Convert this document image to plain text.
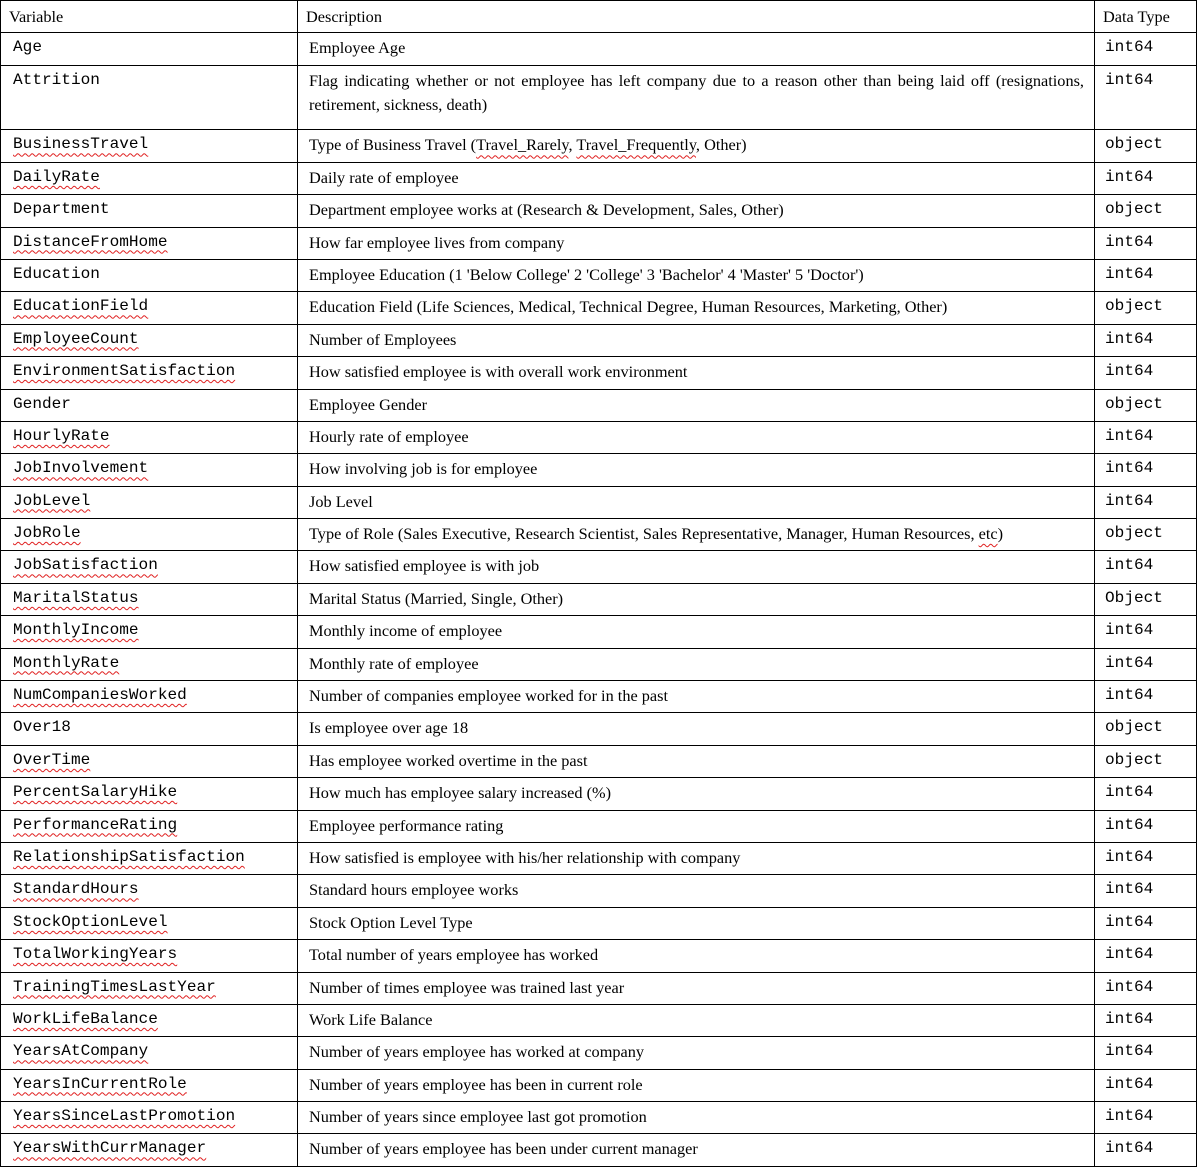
Variable	Description	Data Type
Age	Employee Age	int64
Attrition	Flag indicating whether or not employee has left company due to a reason other than being laid off (resignations, retirement, sickness, death)	int64
BusinessTravel	Type of Business Travel (Travel_Rarely, Travel_Frequently, Other)	object
DailyRate	Daily rate of employee	int64
Department	Department employee works at (Research & Development, Sales, Other)	object
DistanceFromHome	How far employee lives from company	int64
Education	Employee Education (1 'Below College' 2 'College' 3 'Bachelor' 4 'Master' 5 'Doctor')	int64
EducationField	Education Field (Life Sciences, Medical, Technical Degree, Human Resources, Marketing, Other)	object
EmployeeCount	Number of Employees	int64
EnvironmentSatisfaction	How satisfied employee is with overall work environment	int64
Gender	Employee Gender	object
HourlyRate	Hourly rate of employee	int64
JobInvolvement	How involving job is for employee	int64
JobLevel	Job Level	int64
JobRole	Type of Role (Sales Executive, Research Scientist, Sales Representative, Manager, Human Resources, etc)	object
JobSatisfaction	How satisfied employee is with job	int64
MaritalStatus	Marital Status (Married, Single, Other)	Object
MonthlyIncome	Monthly income of employee	int64
MonthlyRate	Monthly rate of employee	int64
NumCompaniesWorked	Number of companies employee worked for in the past	int64
Over18	Is employee over age 18	object
OverTime	Has employee worked overtime in the past	object
PercentSalaryHike	How much has employee salary increased (%)	int64
PerformanceRating	Employee performance rating	int64
RelationshipSatisfaction	How satisfied is employee with his/her relationship with company	int64
StandardHours	Standard hours employee works	int64
StockOptionLevel	Stock Option Level Type	int64
TotalWorkingYears	Total number of years employee has worked	int64
TrainingTimesLastYear	Number of times employee was trained last year	int64
WorkLifeBalance	Work Life Balance	int64
YearsAtCompany	Number of years employee has worked at company	int64
YearsInCurrentRole	Number of years employee has been in current role	int64
YearsSinceLastPromotion	Number of years since employee last got promotion	int64
YearsWithCurrManager	Number of years employee has been under current manager	int64
